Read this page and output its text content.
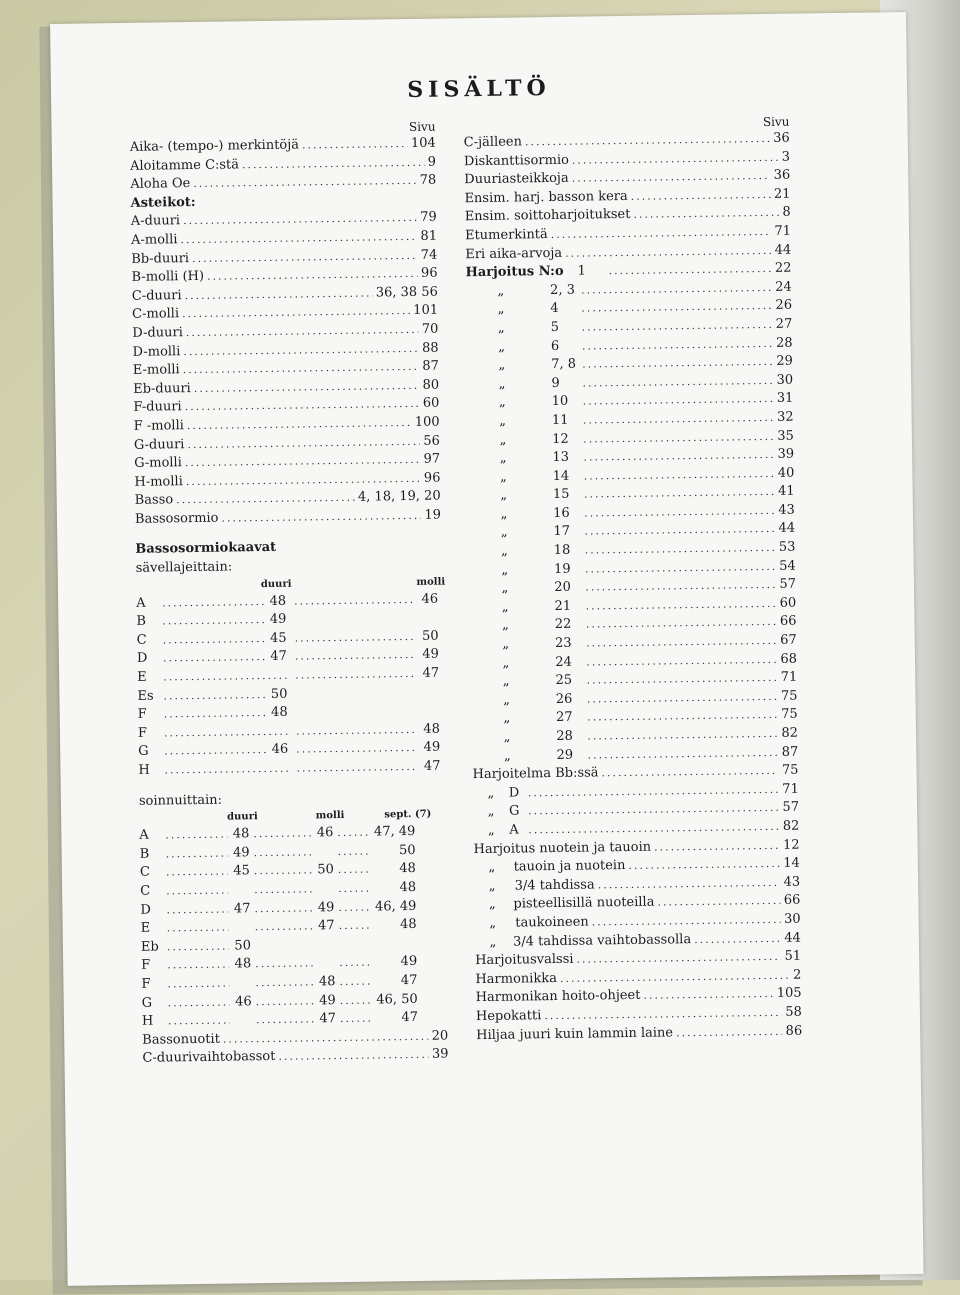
SISÄLTÖ
Sivu
Aika- (tempo-) merkintöjä .....	104
Aloitamme C:stä .....	9
Aloha Oe .....	78
Asteikot:
A-duuri .....	79
A-molli .....	81
Bb-duuri .....	74
B-molli (H) .....	96
C-duuri .....	36, 38 56
C-molli .....	101
D-duuri .....	70
D-molli .....	88
E-molli .....	87
Eb-duuri .....	80
F-duuri .....	60
F -molli .....	100
G-duuri .....	56
G-molli .....	97
H-molli .....	96
Basso .....	4, 18, 19, 20
Bassosormio .....	19
Bassosormiokaavat
sävellajeittain:
duuri	molli
A .....	48 .....	46
B .....	49
C .....	45 .....	50
D .....	47 .....	49
E ..... .....	47
Es .....	50
F .....	48
F ..... .....	48
G .....	46 .....	49
H ..... .....	47
soinnuittain:
duuri	molli	sept. (7)
A .....	48 .....	46 .....	47, 49
B .....	49 ..... .....	50
C .....	45 .....	50 .....	48
C ..... ..... .....	48
D .....	47 .....	49 .....	46, 49
E ..... .....	47 .....	48
Eb .....	50
F .....	48 ..... .....	49
F ..... .....	48 .....	47
G .....	46 .....	49 .....	46, 50
H ..... .....	47 .....	47
Bassonuotit .....	20
C-duurivaihtobassot .....	39
Sivu
C-jälleen .....	36
Diskanttisormio .....	3
Duuriasteikkoja .....	36
Ensim. harj. basson kera .....	21
Ensim. soittoharjoitukset .....	8
Etumerkintä .....	71
Eri aika-arvoja .....	44
Harjoitus N:o	1 .....	22
„	2, 3 .....	24
„	4 .....	26
„	5 .....	27
„	6 .....	28
„	7, 8 .....	29
„	9 .....	30
„	10 .....	31
„	11 .....	32
„	12 .....	35
„	13 .....	39
„	14 .....	40
„	15 .....	41
„	16 .....	43
„	17 .....	44
„	18 .....	53
„	19 .....	54
„	20 .....	57
„	21 .....	60
„	22 .....	66
„	23 .....	67
„	24 .....	68
„	25 .....	71
„	26 .....	75
„	27 .....	75
„	28 .....	82
„	29 .....	87
Harjoitelma Bb:ssä .....	75
„	D .....	71
„	G .....	57
„	A .....	82
Harjoitus nuotein ja tauoin .....	12
„	tauoin ja nuotein .....	14
„	3/4 tahdissa .....	43
„	pisteellisillä nuoteilla .....	66
„	taukoineen .....	30
„	3/4 tahdissa vaihtobassolla .....	44
Harjoitusvalssi .....	51
Harmonikka .....	2
Harmonikan hoito-ohjeet .....	105
Hepokatti .....	58
Hiljaa juuri kuin lammin laine .....	86
